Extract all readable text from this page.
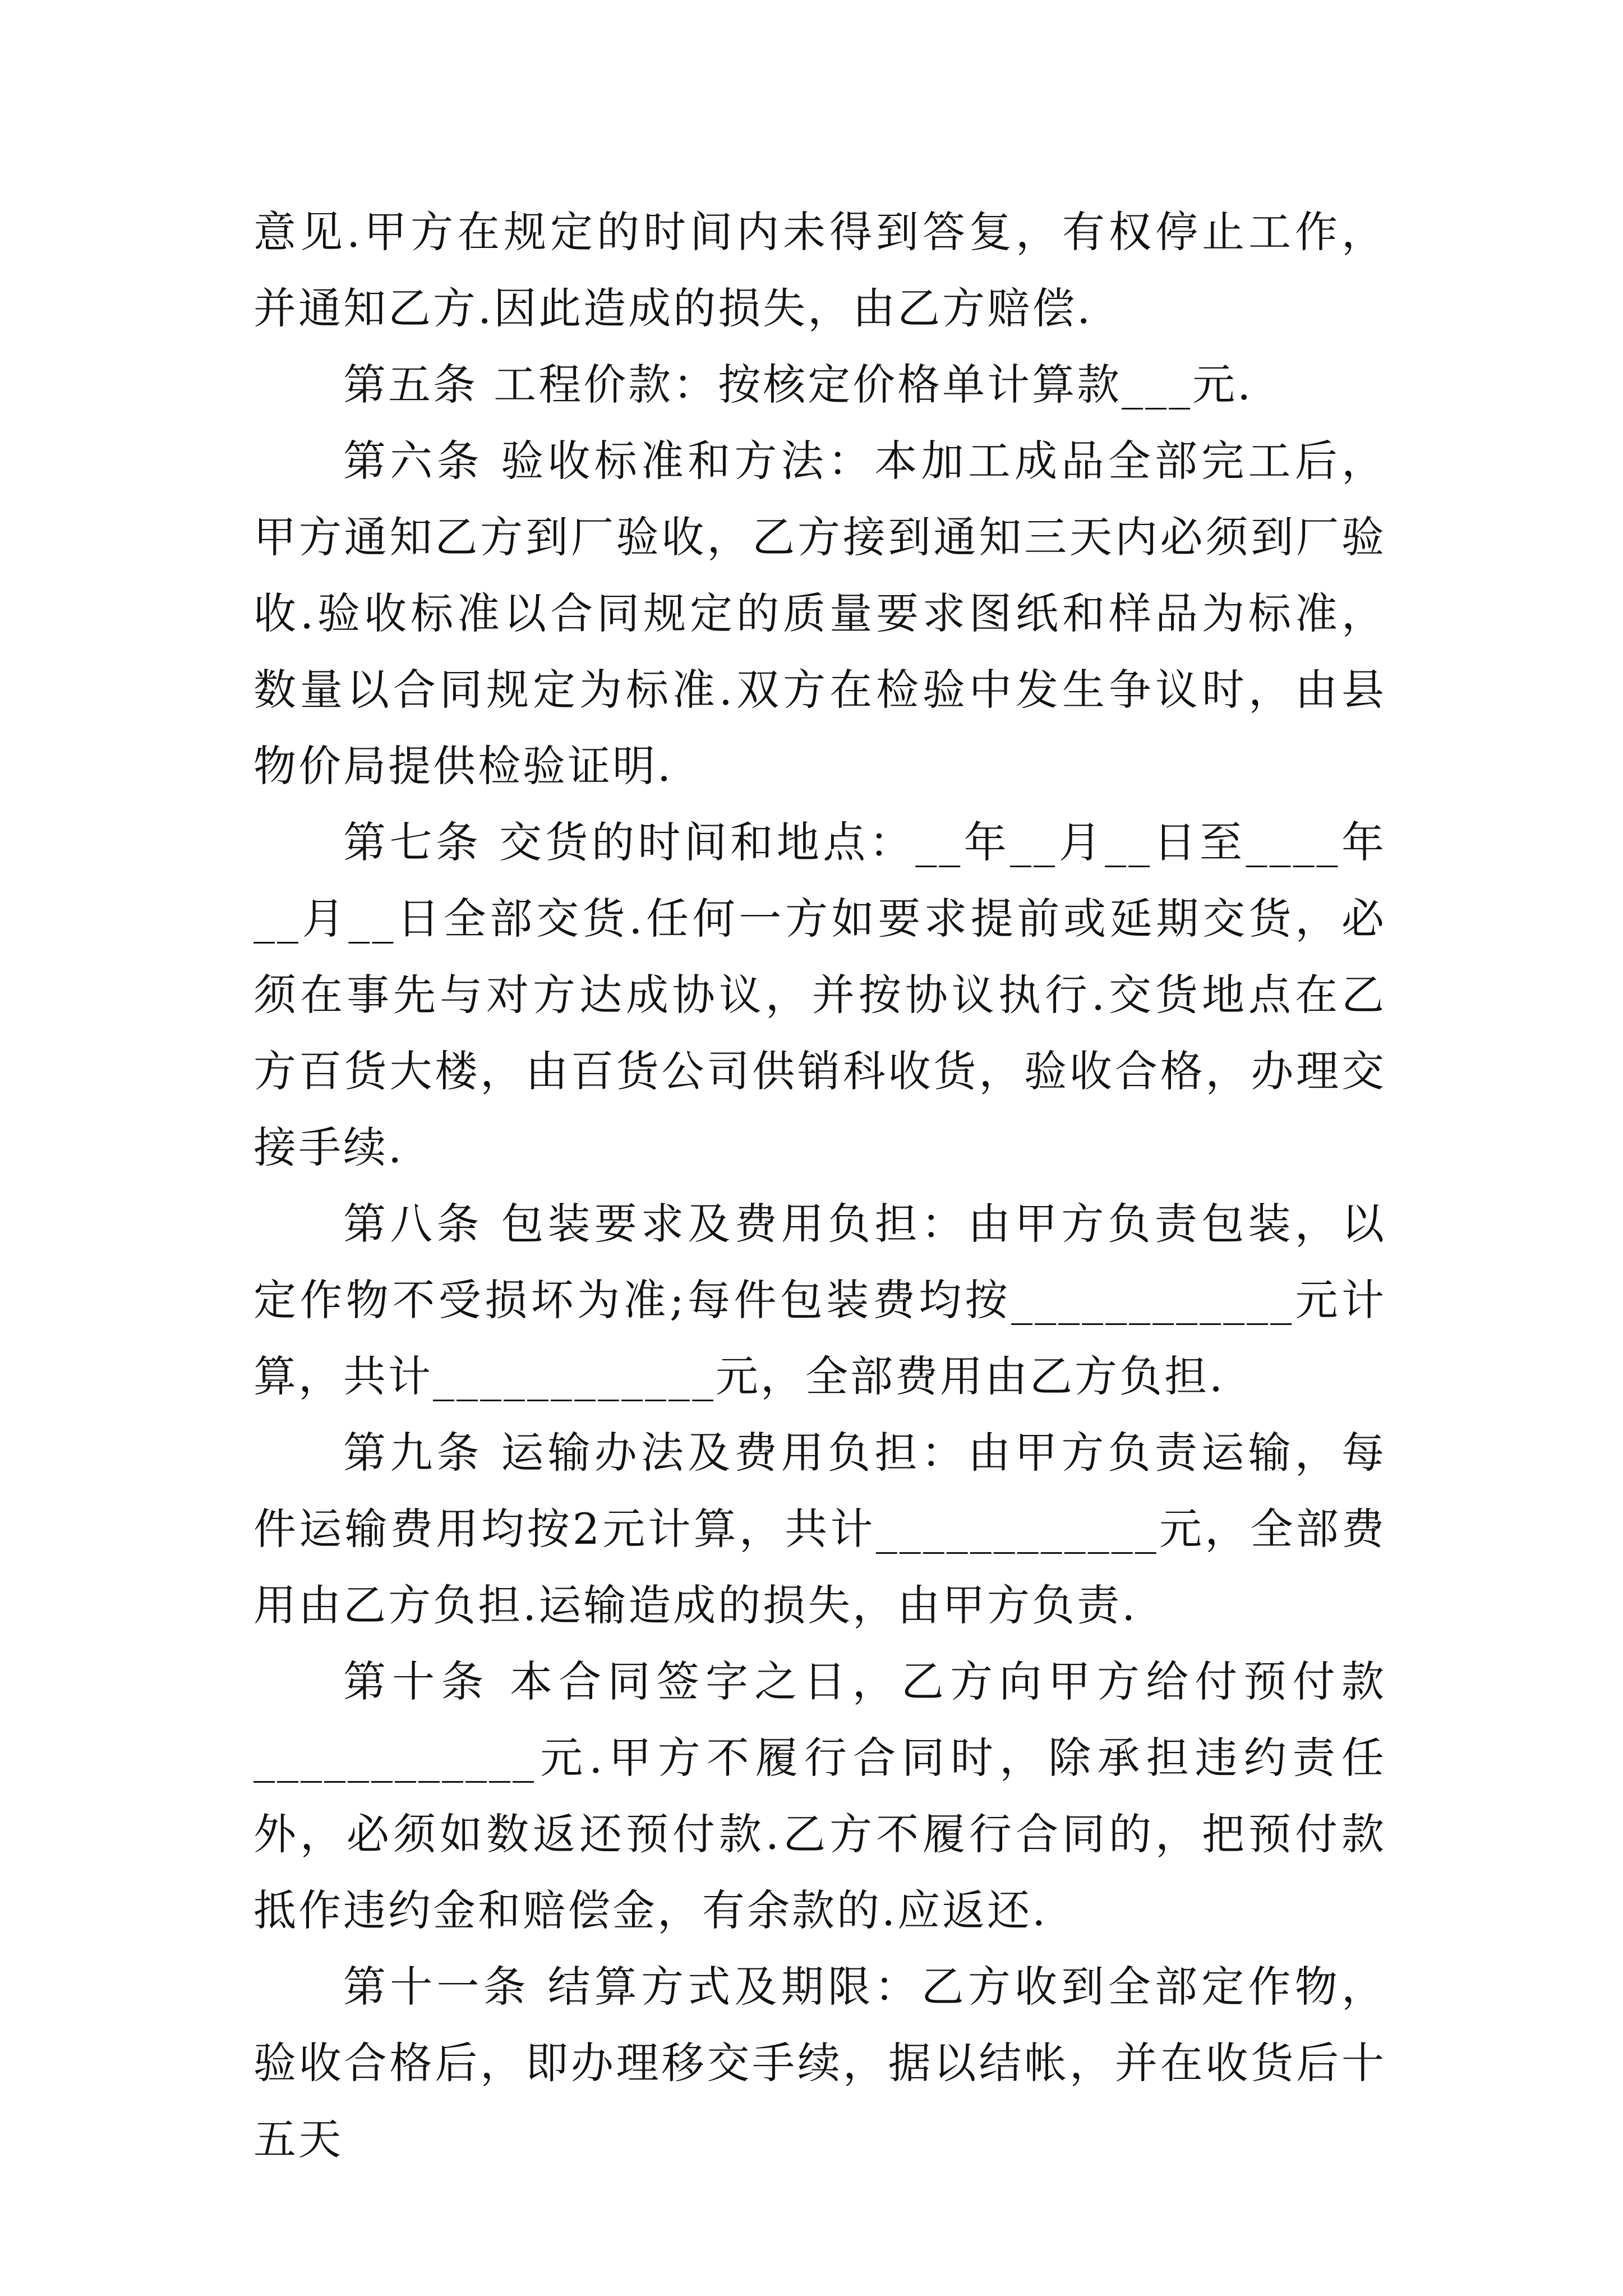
意见.甲方在规定的时间内未得到答复，有权停止工作，并通知乙方.因此造成的损失，由乙方赔偿.

第五条 工程价款：按核定价格单计算款___元.

第六条 验收标准和方法：本加工成品全部完工后，甲方通知乙方到厂验收，乙方接到通知三天内必须到厂验收.验收标准以合同规定的质量要求图纸和样品为标准，数量以合同规定为标准.双方在检验中发生争议时，由县物价局提供检验证明.

第七条 交货的时间和地点：__年__月__日至____年__月__日全部交货.任何一方如要求提前或延期交货，必须在事先与对方达成协议，并按协议执行.交货地点在乙方百货大楼，由百货公司供销科收货，验收合格，办理交接手续.

第八条 包装要求及费用负担：由甲方负责包装，以定作物不受损坏为准;每件包装费均按____________元计算，共计____________元，全部费用由乙方负担.

第九条 运输办法及费用负担：由甲方负责运输，每件运输费用均按2元计算，共计____________元，全部费用由乙方负担.运输造成的损失，由甲方负责.

第十条 本合同签字之日，乙方向甲方给付预付款____________元.甲方不履行合同时，除承担违约责任外，必须如数返还预付款.乙方不履行合同的，把预付款抵作违约金和赔偿金，有余款的.应返还.

第十一条 结算方式及期限：乙方收到全部定作物，验收合格后，即办理移交手续，据以结帐，并在收货后十五天
